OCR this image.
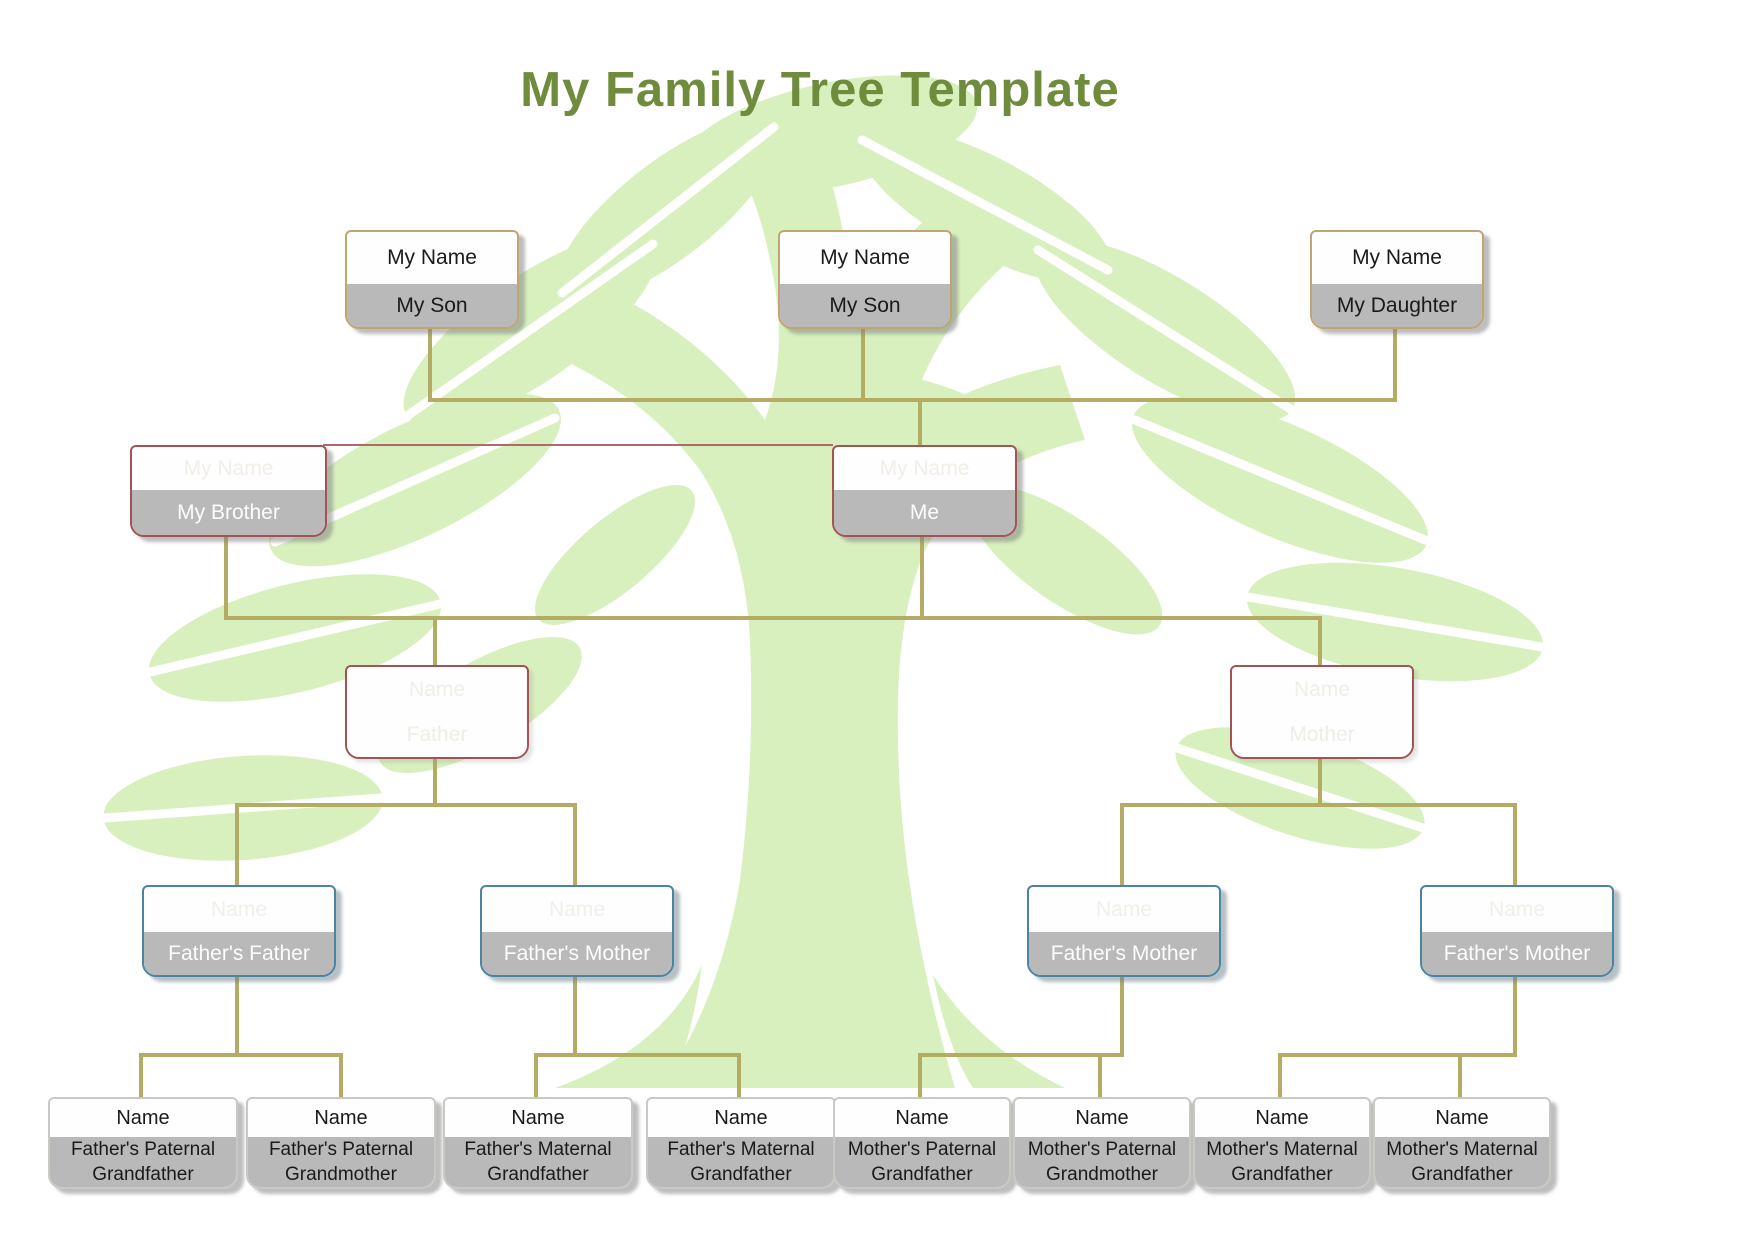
My Family Tree Template
My Name
My Son
My Name
My Son
My Name
My Daughter
My Name
My Brother
My Name
Me
Name
Father
Name
Mother
Name
Father's Father
Name
Father's Mother
Name
Father's Mother
Name
Father's Mother
Name
Father's Paternal Grandfather
Name
Father's Paternal Grandmother
Name
Father's Maternal Grandfather
Name
Father's Maternal Grandfather
Name
Mother's Paternal Grandfather
Name
Mother's Paternal Grandmother
Name
Mother's Maternal Grandfather
Name
Mother's Maternal Grandfather
